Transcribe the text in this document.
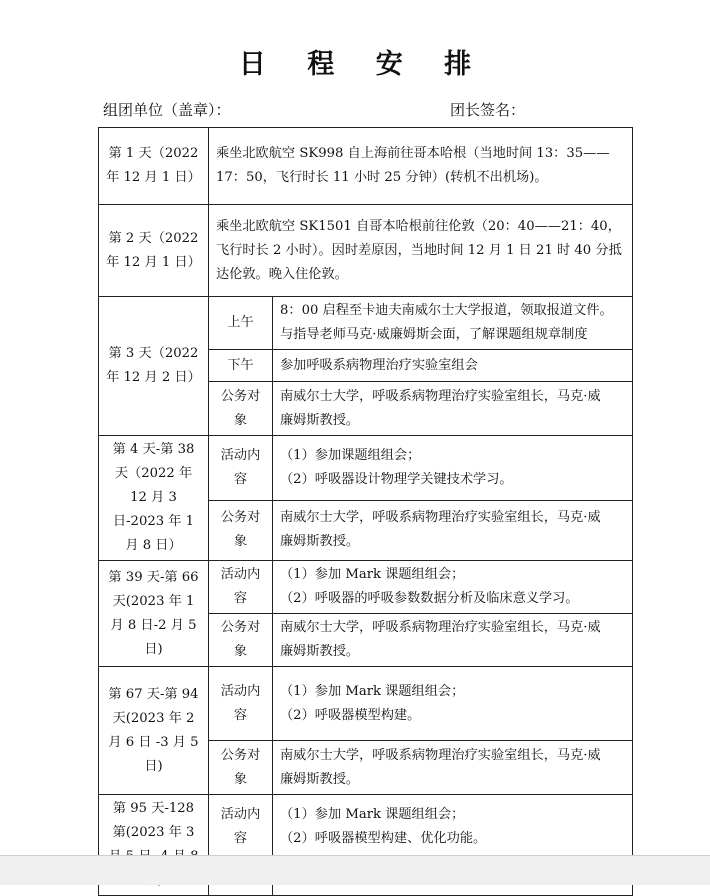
日 程 安 排
组团单位（盖章）：	团长签名：
第 1 天（2022 年 12 月 1 日）	乘坐北欧航空 SK998 自上海前往哥本哈根（当地时间 13：35——17：50，飞行时长 11 小时 25 分钟）(转机不出机场)。	
第 2 天（2022 年 12 月 1 日）	乘坐北欧航空 SK1501 自哥本哈根前往伦敦（20：40——21：40，飞行时长 2 小时）。因时差原因，当地时间 12 月 1 日 21 时 40 分抵达伦敦。晚入住伦敦。	
第 3 天（2022 年 12 月 2 日）	上午	8：00 启程至卡迪夫南威尔士大学报道，领取报道文件。
与指导老师马克·威廉姆斯会面，了解课题组规章制度

	下午	参加呼吸系病物理治疗实验室组会

	公务对象	南威尔士大学，呼吸系病物理治疗实验室组长，马克·威
廉姆斯教授。

第 4 天-第 38 天（2022 年 12 月 3 日-2023 年 1 月 8 日）	活动内容	（1）参加课题组组会；
（2）呼吸器设计物理学关键技术学习。

	公务对象	南威尔士大学，呼吸系病物理治疗实验室组长，马克·威
廉姆斯教授。

第 39 天-第 66 天(2023 年 1 月 8 日-2 月 5 日)	活动内容	（1）参加 Mark 课题组组会；
（2）呼吸器的呼吸参数数据分析及临床意义学习。

	公务对象	南威尔士大学，呼吸系病物理治疗实验室组长，马克·威
廉姆斯教授。

第 67 天-第 94 天(2023 年 2 月 6 日 -3 月 5 日)	活动内容	（1）参加 Mark 课题组组会；
（2）呼吸器模型构建。

	公务对象	南威尔士大学，呼吸系病物理治疗实验室组长，马克·威
廉姆斯教授。

第 95 天-128 第(2023 年 3	活动内容	（1）参加 Mark 课题组组会；
（2）呼吸器模型构建、优化功能。
